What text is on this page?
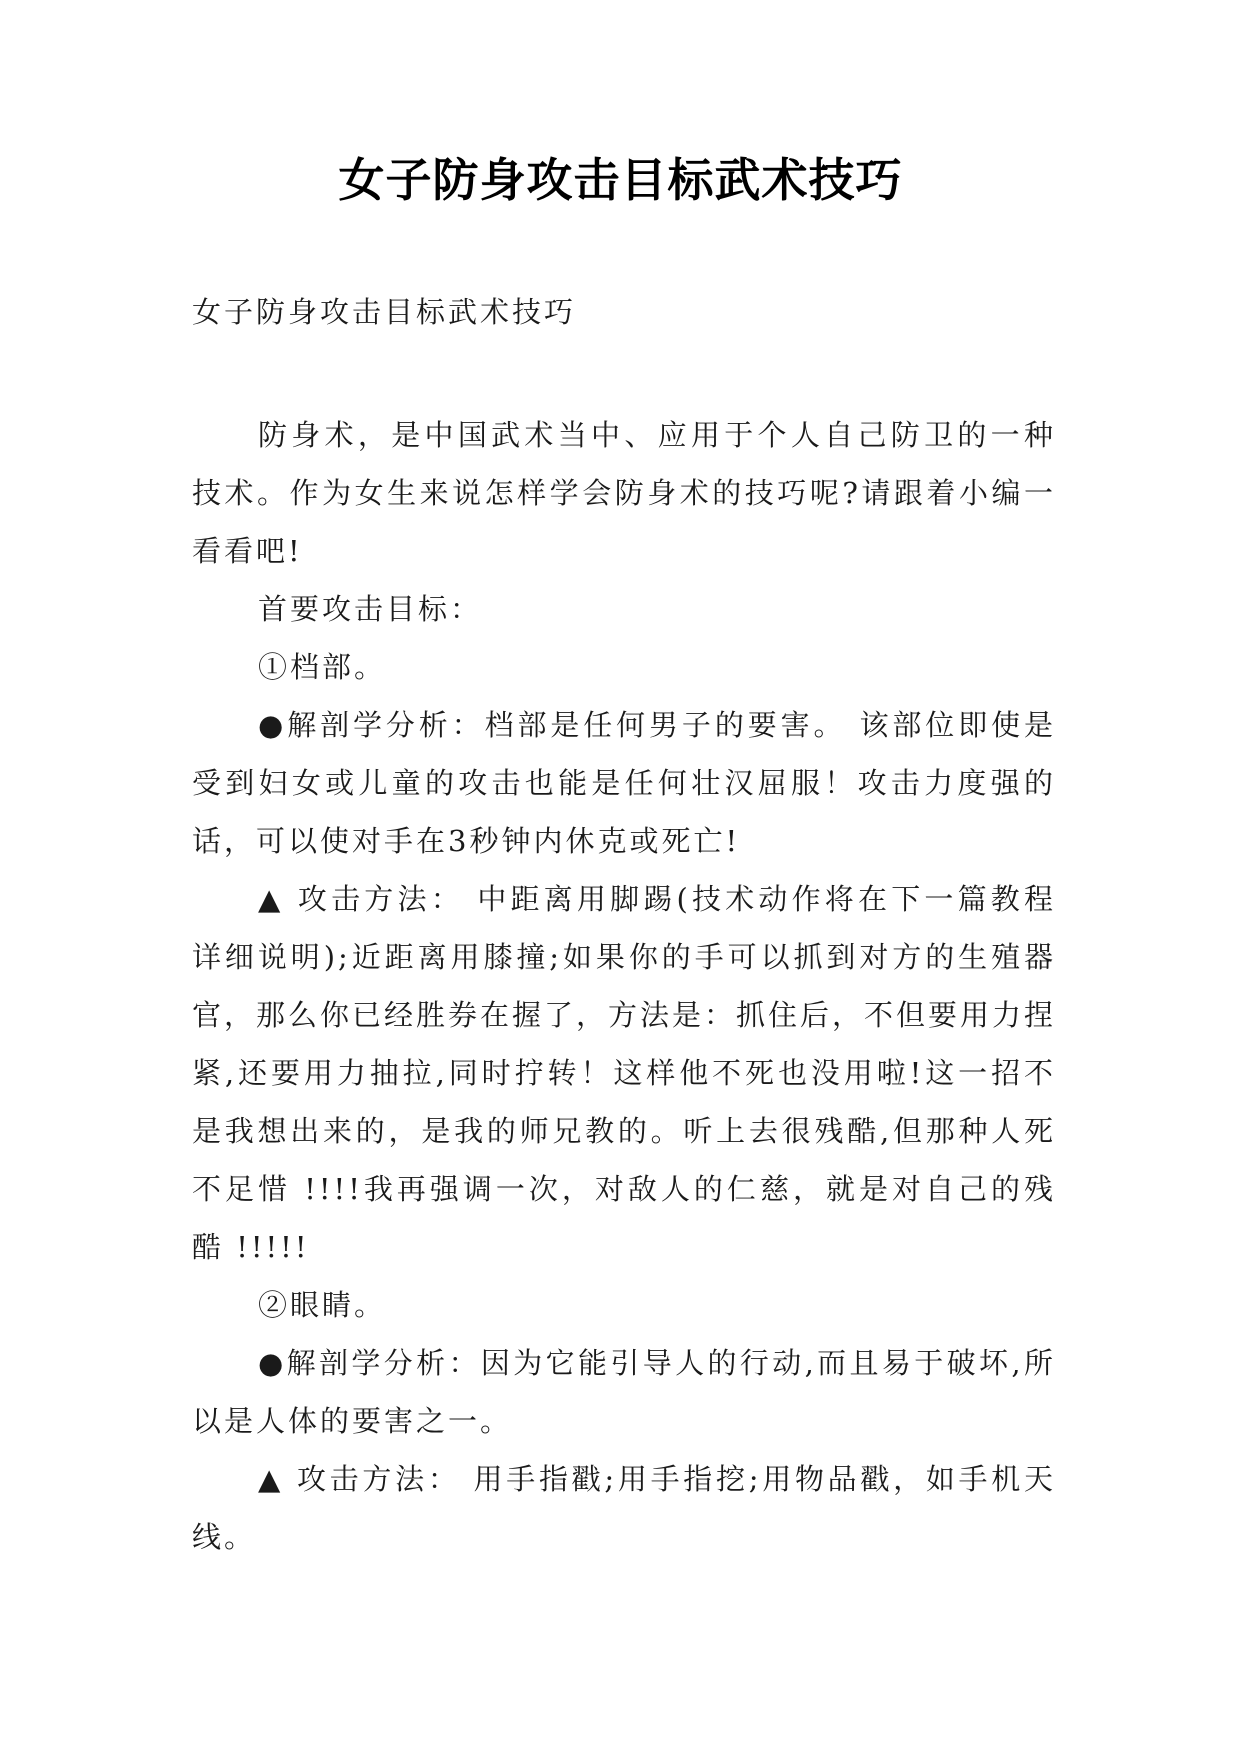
女子防身攻击目标武术技巧

女子防身攻击目标武术技巧

防身术，是中国武术当中、应用于个人自己防卫的一种技术。作为女生来说怎样学会防身术的技巧呢?请跟着小编一看看吧!

首要攻击目标：

①档部。

●解剖学分析：档部是任何男子的要害。 该部位即使是受到妇女或儿童的攻击也能是任何壮汉屈服！攻击力度强的话，可以使对手在3秒钟内休克或死亡!

▲ 攻击方法： 中距离用脚踢(技术动作将在下一篇教程详细说明);近距离用膝撞;如果你的手可以抓到对方的生殖器官，那么你已经胜券在握了，方法是：抓住后，不但要用力捏紧,还要用力抽拉,同时拧转！这样他不死也没用啦!这一招不是我想出来的，是我的师兄教的。听上去很残酷,但那种人死不足惜 !!!!我再强调一次，对敌人的仁慈，就是对自己的残酷 !!!!!

②眼睛。

●解剖学分析：因为它能引导人的行动,而且易于破坏,所以是人体的要害之一。

▲ 攻击方法： 用手指戳;用手指挖;用物品戳，如手机天线。
